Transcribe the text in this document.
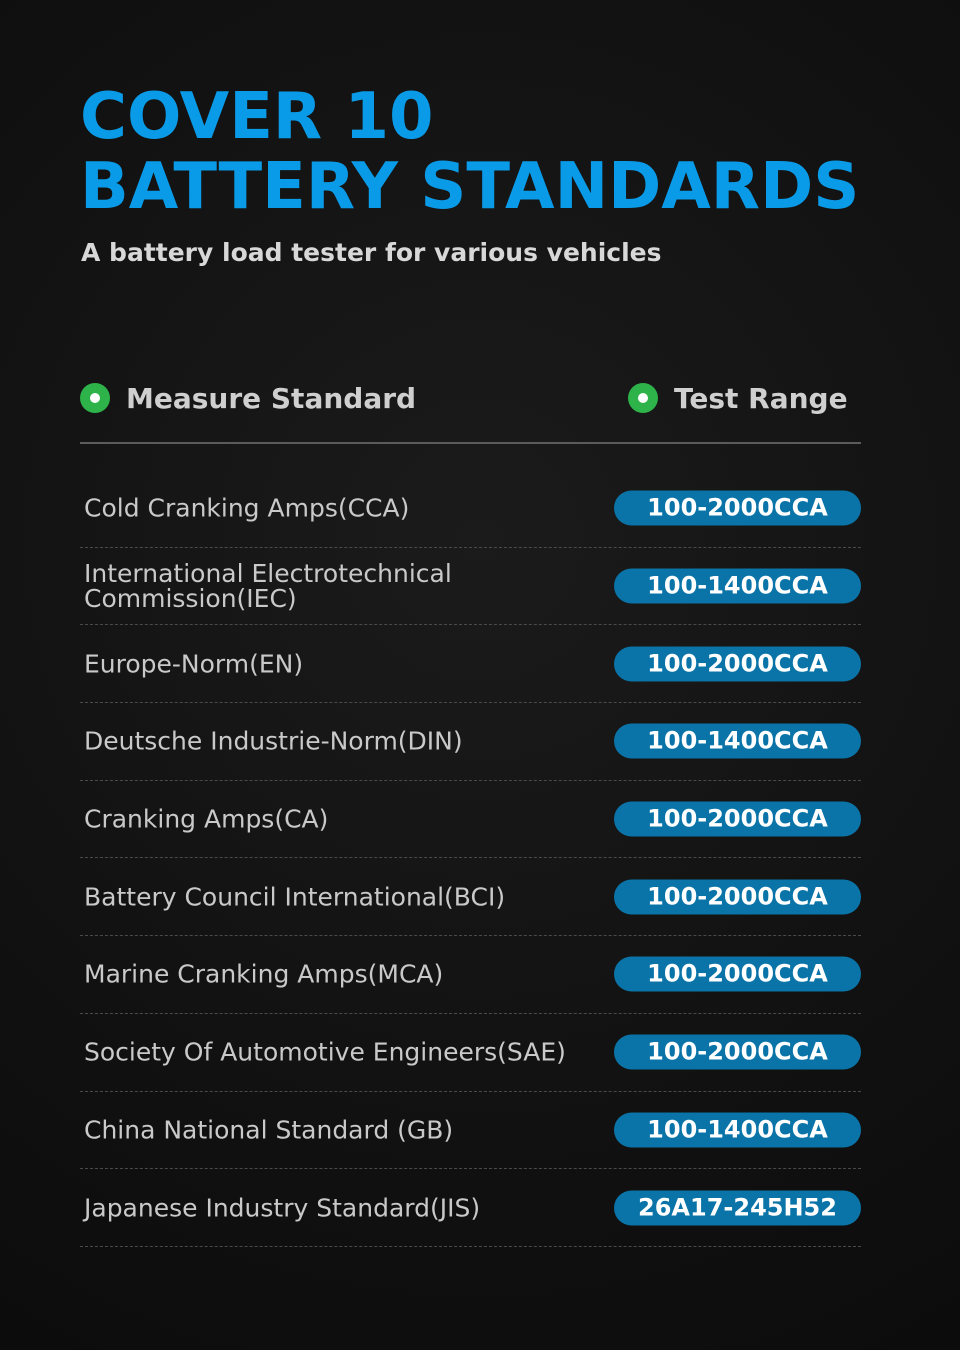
COVER 10
BATTERY STANDARDS
A battery load tester for various vehicles
Measure Standard	Test Range
Cold Cranking Amps(CCA)	100-2000CCA
International Electrotechnical Commission(IEC)	100-1400CCA
Europe-Norm(EN)	100-2000CCA
Deutsche Industrie-Norm(DIN)	100-1400CCA
Cranking Amps(CA)	100-2000CCA
Battery Council International(BCI)	100-2000CCA
Marine Cranking Amps(MCA)	100-2000CCA
Society Of Automotive Engineers(SAE)	100-2000CCA
China National Standard (GB)	100-1400CCA
Japanese Industry Standard(JIS)	26A17-245H52
